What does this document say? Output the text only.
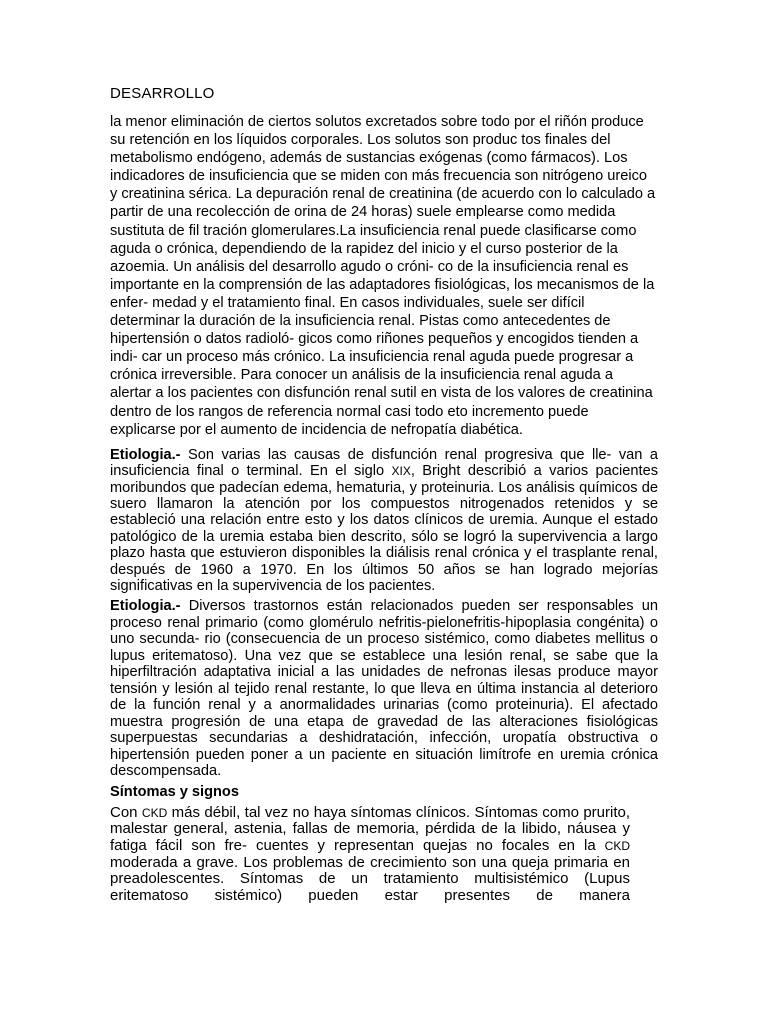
DESARROLLO

la menor eliminación de ciertos solutos excretados sobre todo por el riñón produce su retención en los líquidos corporales. Los solutos son produc tos finales del metabolismo endógeno, además de sustancias exógenas (como fármacos). Los indicadores de insuficiencia que se miden con más frecuencia son nitrógeno ureico y creatinina sérica. La depuración renal de creatinina (de acuerdo con lo calculado a partir de una recolección de orina de 24 horas) suele emplearse como medida sustituta de fil tración glomerulares.La insuficiencia renal puede clasificarse como aguda o crónica, dependiendo de la rapidez del inicio y el curso posterior de la azoemia. Un análisis del desarrollo agudo o cróni- co de la insuficiencia renal es importante en la comprensión de las adaptadores fisiológicas, los mecanismos de la enfer- medad y el tratamiento final. En casos individuales, suele ser difícil determinar la duración de la insuficiencia renal. Pistas como antecedentes de hipertensión o datos radioló- gicos como riñones pequeños y encogidos tienden a indi- car un proceso más crónico. La insuficiencia renal aguda puede progresar a crónica irreversible. Para conocer un análisis de la insuficiencia renal aguda a alertar a los pacientes con disfunción renal sutil en vista de los valores de creatinina dentro de los rangos de referencia normal casi todo eto incremento puede explicarse por el aumento de incidencia de nefropatía diabética.

Etiologia.- Son varias las causas de disfunción renal progresiva que lle- van a insuficiencia final o terminal. En el siglo XIX, Bright describió a varios pacientes moribundos que padecían edema, hematuria, y proteinuria. Los análisis químicos de suero llamaron la atención por los compuestos nitrogenados retenidos y se estableció una relación entre esto y los datos clínicos de uremia. Aunque el estado patológico de la uremia estaba bien descrito, sólo se logró la supervivencia a largo plazo hasta que estuvieron disponibles la diálisis renal crónica y el trasplante renal, después de 1960 a 1970. En los últimos 50 años se han logrado mejorías significativas en la supervivencia de los pacientes.

Etiologia.- Diversos trastornos están relacionados pueden ser responsables un proceso renal primario (como glomérulo nefritis-pielonefritis-hipoplasia congénita) o uno secunda- rio (consecuencia de un proceso sistémico, como diabetes mellitus o lupus eritematoso). Una vez que se establece una lesión renal, se sabe que la hiperfiltración adaptativa inicial a las unidades de nefronas ilesas produce mayor tensión y lesión al tejido renal restante, lo que lleva en última instancia al deterioro de la función renal y a anormalidades urinarias (como proteinuria). El afectado muestra progresión de una etapa de gravedad de las alteraciones fisiológicas superpuestas secundarias a deshidratación, infección, uropatía obstructiva o hipertensión pueden poner a un paciente en situación limítrofe en uremia crónica descompensada.

Síntomas y signos

Con CKD más débil, tal vez no haya síntomas clínicos. Síntomas como prurito, malestar general, astenia, fallas de memoria, pérdida de la libido, náusea y fatiga fácil son fre- cuentes y representan quejas no focales en la CKD moderada a grave. Los problemas de crecimiento son una queja primaria en preadolescentes. Síntomas de un tratamiento multisistémico (Lupus eritematoso sistémico) pueden estar presentes de manera
